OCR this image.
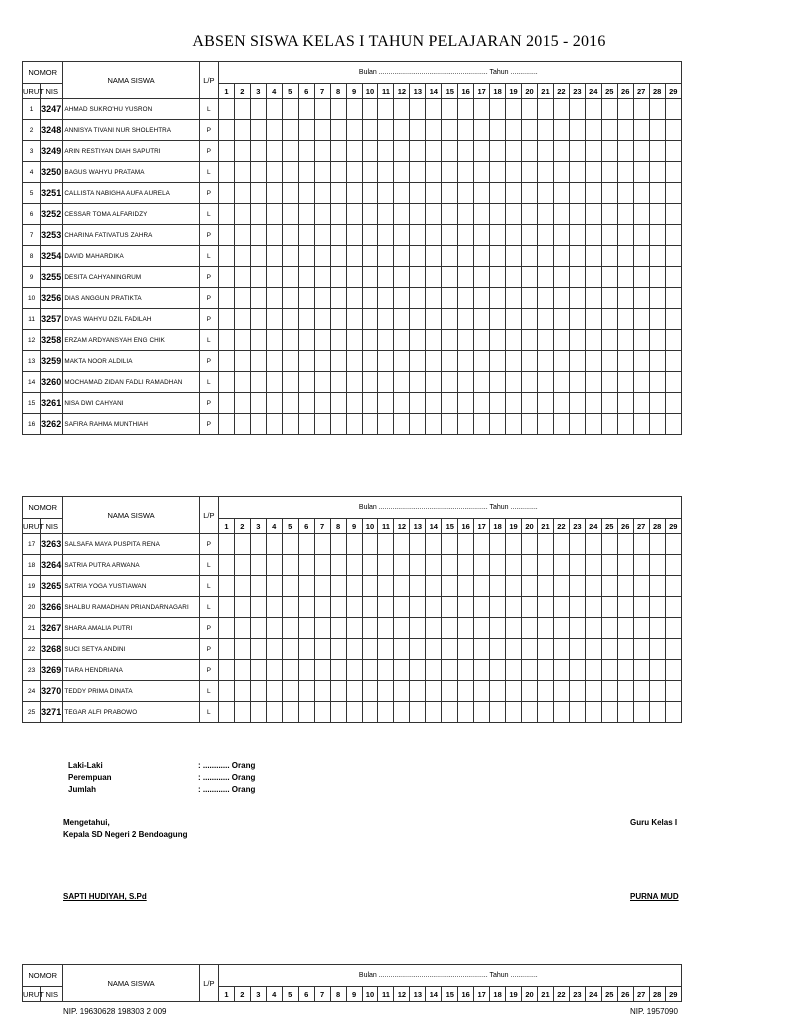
ABSEN SISWA KELAS I TAHUN PELAJARAN 2015 - 2016
NOMOR		NAMA SISWA	L/P	Bulan ........................................................ Tahun ..............																												
URUT	NIS			1	2	3	4	5	6	7	8	9	10	11	12	13	14	15	16	17	18	19	20	21	22	23	24	25	26	27	28	29
1	3247	AHMAD SUKRO'HU YUSRON	L																													
2	3248	ANNISYA TIVANI NUR SHOLEHTRA	P																													
3	3249	ARIN RESTIYAN DIAH SAPUTRI	P																													
4	3250	BAGUS WAHYU PRATAMA	L																													
5	3251	CALLISTA NABIGHA AUFA AURELA	P																													
6	3252	CESSAR TOMA ALFARIDZY	L																													
7	3253	CHARINA FATIVATUS ZAHRA	P																													
8	3254	DAVID MAHARDIKA	L																													
9	3255	DESITA CAHYANINGRUM	P																													
10	3256	DIAS ANGGUN PRATIKTA	P																													
11	3257	DYAS WAHYU DZIL FADILAH	P																													
12	3258	ERZAM ARDYANSYAH ENG CHIK	L																													
13	3259	MAKTA NOOR ALDILIA	P																													
14	3260	MOCHAMAD ZIDAN FADLI RAMADHAN	L																													
15	3261	NISA DWI CAHYANI	P																													
16	3262	SAFIRA RAHMA MUNTHIAH	P																													
NOMOR		NAMA SISWA	L/P	Bulan ........................................................ Tahun ..............																												
URUT	NIS			1	2	3	4	5	6	7	8	9	10	11	12	13	14	15	16	17	18	19	20	21	22	23	24	25	26	27	28	29
17	3263	SALSAFA MAYA PUSPITA RENA	P																													
18	3264	SATRIA PUTRA ARWANA	L																													
19	3265	SATRIA YOGA YUSTIAWAN	L																													
20	3266	SHALBU RAMADHAN PRIANDARNAGARI	L																													
21	3267	SHARA AMALIA PUTRI	P																													
22	3268	SUCI SETYA ANDINI	P																													
23	3269	TIARA HENDRIANA	P																													
24	3270	TEDDY PRIMA DINATA	L																													
25	3271	TEGAR ALFI PRABOWO	L																													
Laki-Laki	: ............ Orang
Perempuan	: ............ Orang
Jumlah	: ............ Orang
Mengetahui,
Kepala SD Negeri 2 Bendoagung
Guru Kelas I
SAPTI HUDIYAH, S.Pd	PURNA MUD
NOMOR		NAMA SISWA	L/P	Bulan ........................................................ Tahun ..............																												
URUT	NIS			1	2	3	4	5	6	7	8	9	10	11	12	13	14	15	16	17	18	19	20	21	22	23	24	25	26	27	28	29
NIP. 19630628 198303 2 009	NIP. 1957090
